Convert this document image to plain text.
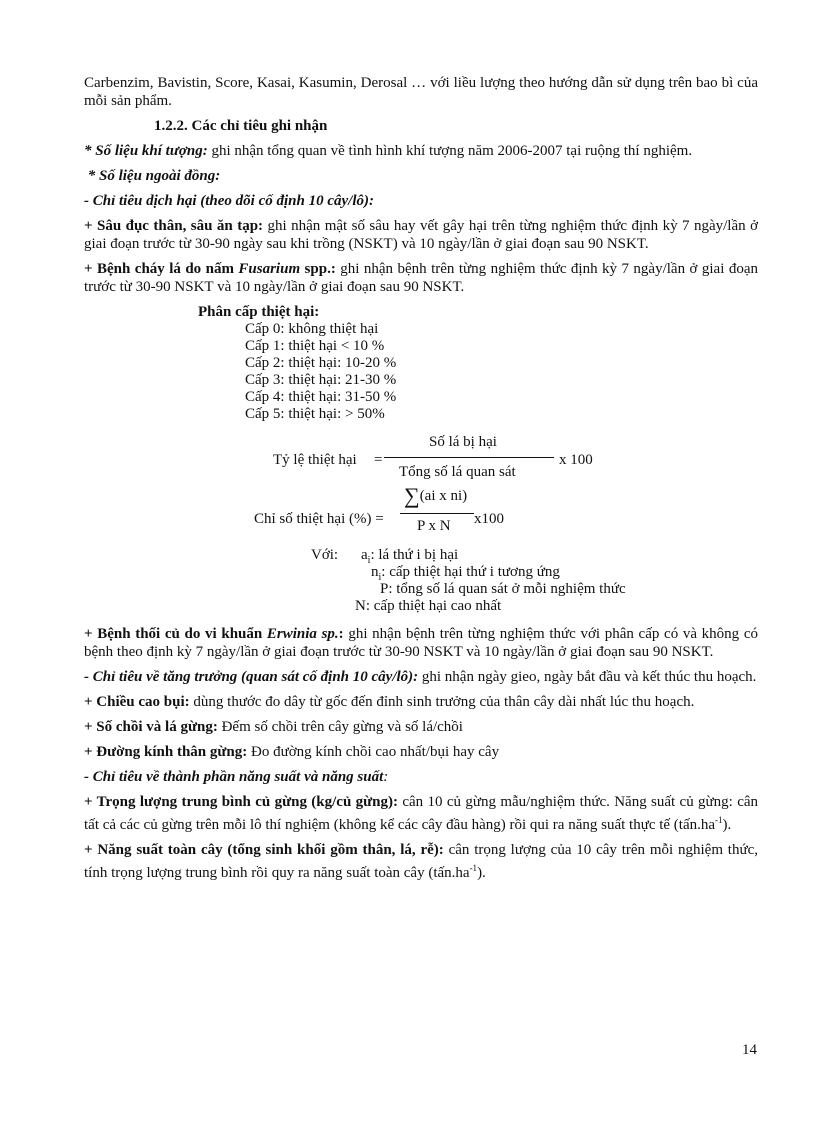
Carbenzim, Bavistin, Score, Kasai, Kasumin, Derosal … với liều lượng theo hướng dẫn sử dụng trên bao bì của mỗi sản phẩm.

1.2.2. Các chỉ tiêu ghi nhận

* Số liệu khí tượng: ghi nhận tổng quan về tình hình khí tượng năm 2006-2007 tại ruộng thí nghiệm.

* Số liệu ngoài đồng:

- Chỉ tiêu dịch hại (theo dõi cố định 10 cây/lô):

+ Sâu đục thân, sâu ăn tạp: ghi nhận mật số sâu hay vết gây hại trên từng nghiệm thức định kỳ 7 ngày/lần ở giai đoạn trước từ 30-90 ngày sau khi trồng (NSKT) và 10 ngày/lần ở giai đoạn sau 90 NSKT.

+ Bệnh cháy lá do nấm Fusarium spp.: ghi nhận bệnh trên từng nghiệm thức định kỳ 7 ngày/lần ở giai đoạn trước từ 30-90 NSKT và 10 ngày/lần ở giai đoạn sau 90 NSKT.

Phân cấp thiệt hại:
Cấp 0: không thiệt hại
Cấp 1: thiệt hại < 10 %
Cấp 2: thiệt hại: 10-20 %
Cấp 3: thiệt hại: 21-30 %
Cấp 4: thiệt hại: 31-50 %
Cấp 5: thiệt hại: > 50%
Tỷ lệ thiệt hại =
Số lá bị hại
Tổng số lá quan sát
x 100
Chỉ số thiệt hại (%) =
∑(ai x ni)
P x N x100
Với: $a_i$: lá thứ i bị hại
$n_i$: cấp thiệt hại thứ i tương ứng
P: tổng số lá quan sát ở mỗi nghiệm thức
N: cấp thiệt hại cao nhất

+ Bệnh thối củ do vi khuẩn Erwinia sp.: ghi nhận bệnh trên từng nghiệm thức với phân cấp có và không có bệnh theo định kỳ 7 ngày/lần ở giai đoạn trước từ 30-90 NSKT và 10 ngày/lần ở giai đoạn sau 90 NSKT.

- Chỉ tiêu về tăng trưởng (quan sát cố định 10 cây/lô): ghi nhận ngày gieo, ngày bắt đầu và kết thúc thu hoạch.

+ Chiều cao bụi: dùng thước đo dây từ gốc đến đỉnh sinh trưởng của thân cây dài nhất lúc thu hoạch.

+ Số chồi và lá gừng: Đếm số chồi trên cây gừng và số lá/chồi

+ Đường kính thân gừng: Đo đường kính chồi cao nhất/bụi hay cây

- Chỉ tiêu về thành phần năng suất và năng suất:

+ Trọng lượng trung bình củ gừng (kg/củ gừng): cân 10 củ gừng mẫu/nghiệm thức. Năng suất củ gừng: cân tất cả các củ gừng trên mỗi lô thí nghiệm (không kể các cây đầu hàng) rồi qui ra năng suất thực tế $(tấn.ha^{-1})$.

+ Năng suất toàn cây (tổng sinh khối gồm thân, lá, rễ): cân trọng lượng của 10 cây trên mỗi nghiệm thức, tính trọng lượng trung bình rồi quy ra năng suất toàn cây $(tấn.ha^{-1})$.

14
